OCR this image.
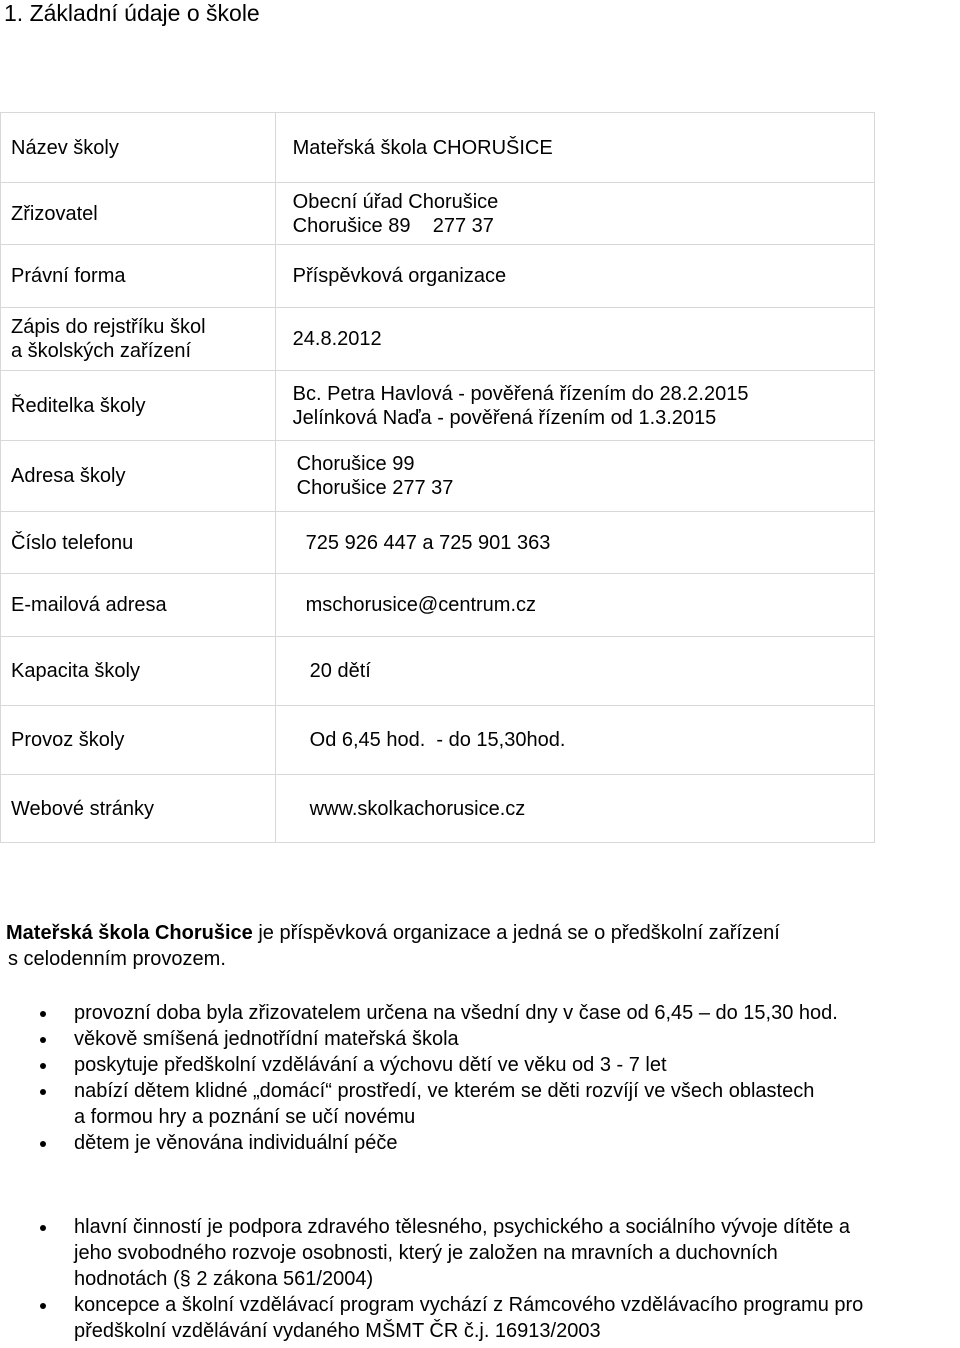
1. Základní údaje o škole
Název školy	Mateřská škola CHORUŠICE
Zřizovatel	Obecní úřad Chorušice
Chorušice 89    277 37

Právní forma	Příspěvková organizace

Zápis do rejstříku škol
a školských zařízení	24.8.2012
Ředitelka školy	Bc. Petra Havlová - pověřená řízením do 28.2.2015
Jelínková Naďa - pověřená řízením od 1.3.2015

Adresa školy	Chorušice 99
Chorušice 277 37

Číslo telefonu	725 926 447 a 725 901 363
E-mailová adresa	mschorusice@centrum.cz
Kapacita školy	20 dětí
Provoz školy	Od 6,45 hod.  - do 15,30hod.
Webové stránky	www.skolkachorusice.cz

Mateřská škola Chorušice je příspěvková organizace a jedná se o předškolní zařízení
s celodenním provozem.

provozní doba byla zřizovatelem určena na všední dny v čase od 6,45 – do 15,30 hod.
věkově smíšená jednotřídní mateřská škola
poskytuje předškolní vzdělávání a výchovu dětí ve věku od 3 - 7 let
nabízí dětem klidné „domácí“ prostředí, ve kterém se děti rozvíjí ve všech oblastech
a formou hry a poznání se učí novému
dětem je věnována individuální péče
hlavní činností je podpora zdravého tělesného, psychického a sociálního vývoje dítěte a
jeho svobodného rozvoje osobnosti, který je založen na mravních a duchovních
hodnotách (§ 2 zákona 561/2004)
koncepce a školní vzdělávací program vychází z Rámcového vzdělávacího programu pro
předškolní vzdělávání vydaného MŠMT ČR č.j. 16913/2003
